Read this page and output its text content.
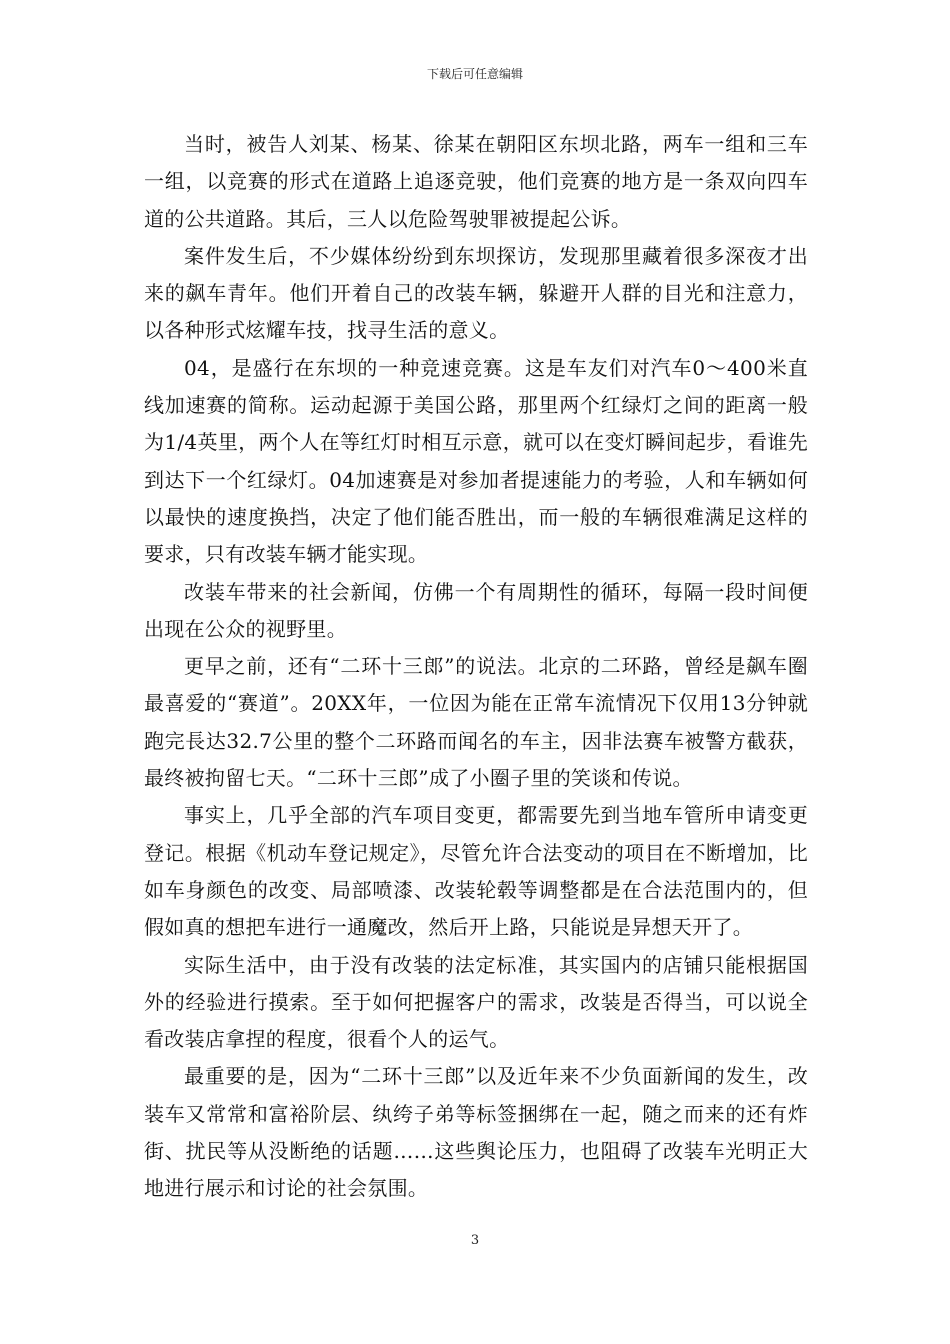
下载后可任意编辑

当时，被告人刘某、杨某、徐某在朝阳区东坝北路，两车一组和三车一组，以竞赛的形式在道路上追逐竞驶，他们竞赛的地方是一条双向四车道的公共道路。其后，三人以危险驾驶罪被提起公诉。

案件发生后，不少媒体纷纷到东坝探访，发现那里藏着很多深夜才出来的飙车青年。他们开着自己的改装车辆，躲避开人群的目光和注意力，以各种形式炫耀车技，找寻生活的意义。

04，是盛行在东坝的一种竞速竞赛。这是车友们对汽车0～400米直线加速赛的简称。运动起源于美国公路，那里两个红绿灯之间的距离一般为1/4英里，两个人在等红灯时相互示意，就可以在变灯瞬间起步，看谁先到达下一个红绿灯。04加速赛是对参加者提速能力的考验，人和车辆如何以最快的速度换挡，决定了他们能否胜出，而一般的车辆很难满足这样的要求，只有改装车辆才能实现。

改装车带来的社会新闻，仿佛一个有周期性的循环，每隔一段时间便出现在公众的视野里。

更早之前，还有“二环十三郎”的说法。北京的二环路，曾经是飙车圈最喜爱的“赛道”。20XX年，一位因为能在正常车流情况下仅用13分钟就跑完長达32.7公里的整个二环路而闻名的车主，因非法赛车被警方截获，最终被拘留七天。“二环十三郎”成了小圈子里的笑谈和传说。

事实上，几乎全部的汽车项目变更，都需要先到当地车管所申请变更登记。根据《机动车登记规定》，尽管允许合法变动的项目在不断增加，比如车身颜色的改变、局部喷漆、改装轮毂等调整都是在合法范围内的，但假如真的想把车进行一通魔改，然后开上路，只能说是异想天开了。

实际生活中，由于没有改装的法定标准，其实国内的店铺只能根据国外的经验进行摸索。至于如何把握客户的需求，改装是否得当，可以说全看改装店拿捏的程度，很看个人的运气。

最重要的是，因为“二环十三郎”以及近年来不少负面新闻的发生，改装车又常常和富裕阶层、纨绔子弟等标签捆绑在一起，随之而来的还有炸街、扰民等从没断绝的话题……这些舆论压力，也阻碍了改装车光明正大地进行展示和讨论的社会氛围。

3
